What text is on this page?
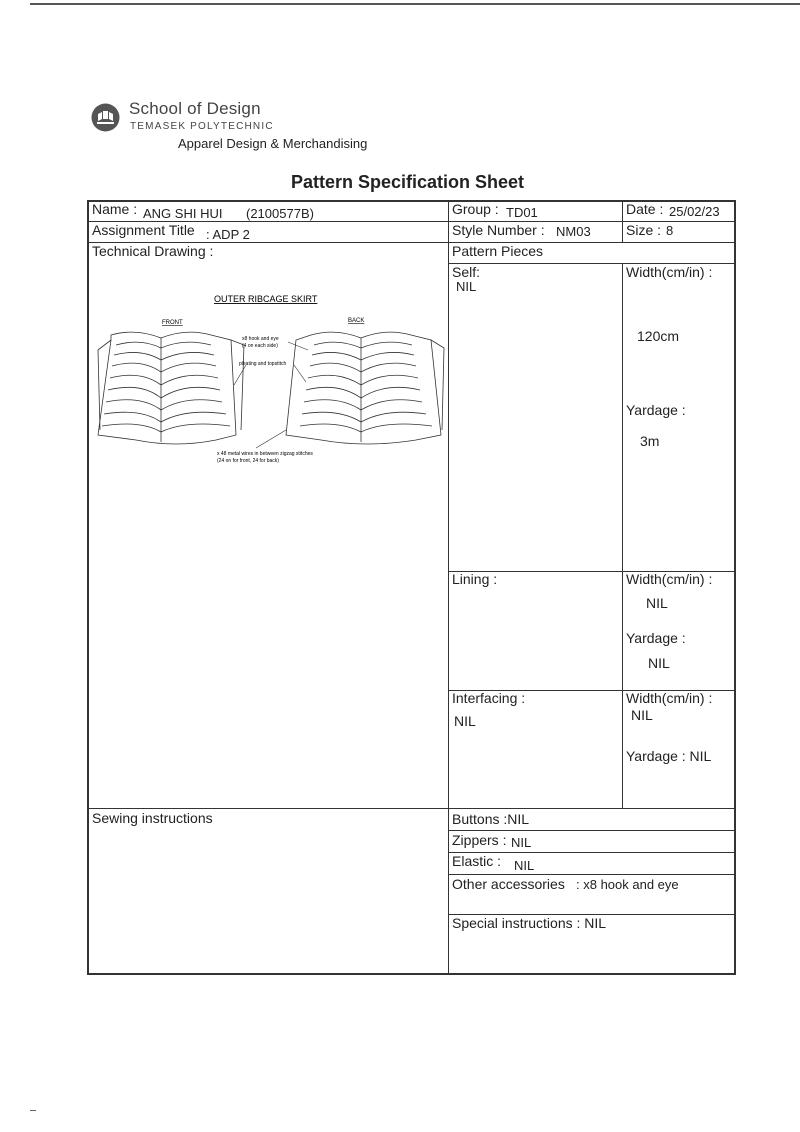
School of Design
TEMASEK POLYTECHNIC
Apparel Design & Merchandising
Pattern Specification Sheet
Name : ANG SHI HUI (2100577B)	Group : TD01	Date : 25/02/23
Assignment Title : ADP 2	Style Number : NM03	Size : 8
Technical Drawing :
OUTER RIBCAGE SKIRT
FRONT	BACK
x8 hook and eye
(4 on each side)
pleating and topstitch
x 48 metal wires in between zigzag stitches
(24 on for front, 24 for back)
Pattern Pieces
Self:
NIL
Width(cm/in) :
120cm
Yardage :
3m
Lining :	Width(cm/in) :
NIL
Yardage :
NIL
Interfacing :
NIL
Width(cm/in) :
NIL
Yardage : NIL
Sewing instructions	Buttons :NIL
Zippers : NIL
Elastic : NIL
Other accessories : x8 hook and eye
Special instructions : NIL
